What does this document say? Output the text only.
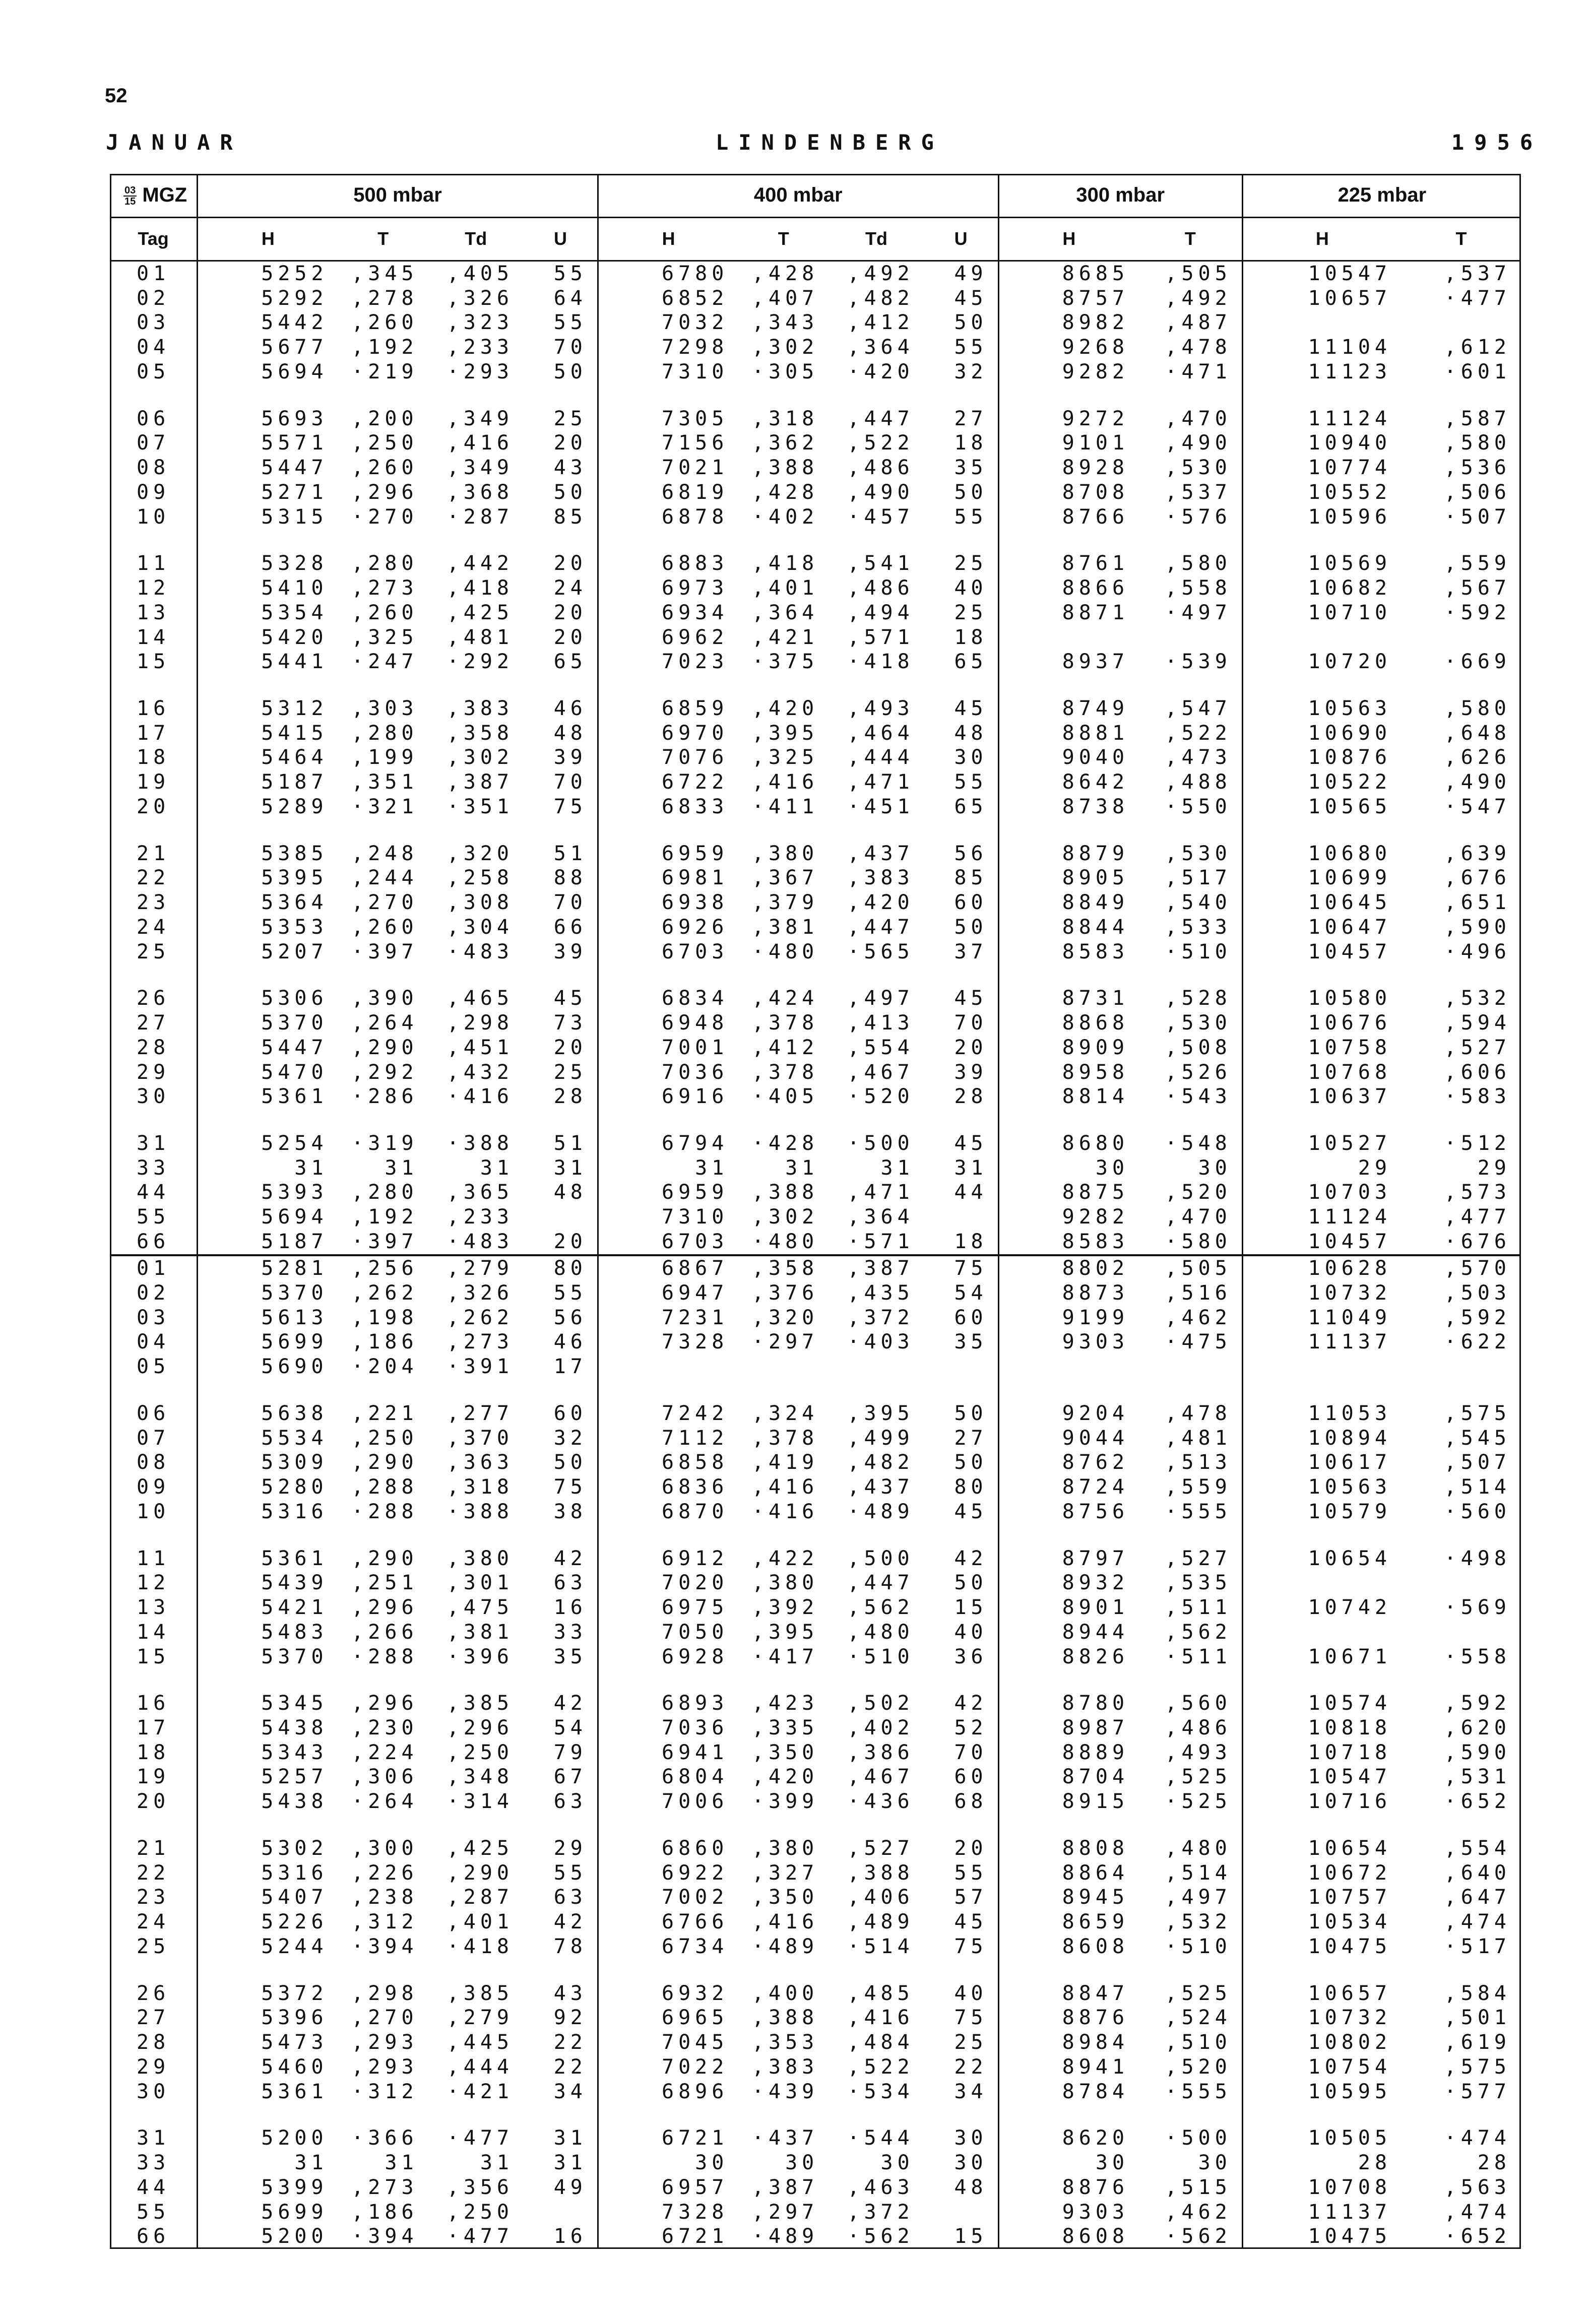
52
JANUAR	LINDENBERG	1956
$\frac{03}{15}$ MGZ	500 mbar				400 mbar				300 mbar		225 mbar	
Tag	H	T	Td	U	H	T	Td	U	H	T	H	T
01	5252	,345	,405	55	6780	,428	,492	49	8685	,505	10547	,537
02	5292	,278	,326	64	6852	,407	,482	45	8757	,492	10657	·477
03	5442	,260	,323	55	7032	,343	,412	50	8982	,487		
04	5677	,192	,233	70	7298	,302	,364	55	9268	,478	11104	,612
05	5694	·219	·293	50	7310	·305	·420	32	9282	·471	11123	·601

06	5693	,200	,349	25	7305	,318	,447	27	9272	,470	11124	,587
07	5571	,250	,416	20	7156	,362	,522	18	9101	,490	10940	,580
08	5447	,260	,349	43	7021	,388	,486	35	8928	,530	10774	,536
09	5271	,296	,368	50	6819	,428	,490	50	8708	,537	10552	,506
10	5315	·270	·287	85	6878	·402	·457	55	8766	·576	10596	·507

11	5328	,280	,442	20	6883	,418	,541	25	8761	,580	10569	,559
12	5410	,273	,418	24	6973	,401	,486	40	8866	,558	10682	,567
13	5354	,260	,425	20	6934	,364	,494	25	8871	·497	10710	·592
14	5420	,325	,481	20	6962	,421	,571	18				
15	5441	·247	·292	65	7023	·375	·418	65	8937	·539	10720	·669

16	5312	,303	,383	46	6859	,420	,493	45	8749	,547	10563	,580
17	5415	,280	,358	48	6970	,395	,464	48	8881	,522	10690	,648
18	5464	,199	,302	39	7076	,325	,444	30	9040	,473	10876	,626
19	5187	,351	,387	70	6722	,416	,471	55	8642	,488	10522	,490
20	5289	·321	·351	75	6833	·411	·451	65	8738	·550	10565	·547

21	5385	,248	,320	51	6959	,380	,437	56	8879	,530	10680	,639
22	5395	,244	,258	88	6981	,367	,383	85	8905	,517	10699	,676
23	5364	,270	,308	70	6938	,379	,420	60	8849	,540	10645	,651
24	5353	,260	,304	66	6926	,381	,447	50	8844	,533	10647	,590
25	5207	·397	·483	39	6703	·480	·565	37	8583	·510	10457	·496

26	5306	,390	,465	45	6834	,424	,497	45	8731	,528	10580	,532
27	5370	,264	,298	73	6948	,378	,413	70	8868	,530	10676	,594
28	5447	,290	,451	20	7001	,412	,554	20	8909	,508	10758	,527
29	5470	,292	,432	25	7036	,378	,467	39	8958	,526	10768	,606
30	5361	·286	·416	28	6916	·405	·520	28	8814	·543	10637	·583

31	5254	·319	·388	51	6794	·428	·500	45	8680	·548	10527	·512
33	31	31	31	31	31	31	31	31	30	30	29	29
44	5393	,280	,365	48	6959	,388	,471	44	8875	,520	10703	,573
55	5694	,192	,233		7310	,302	,364		9282	,470	11124	,477
66	5187	·397	·483	20	6703	·480	·571	18	8583	·580	10457	·676
01	5281	,256	,279	80	6867	,358	,387	75	8802	,505	10628	,570
02	5370	,262	,326	55	6947	,376	,435	54	8873	,516	10732	,503
03	5613	,198	,262	56	7231	,320	,372	60	9199	,462	11049	,592
04	5699	,186	,273	46	7328	·297	·403	35	9303	·475	11137	·622
05	5690	·204	·391	17								

06	5638	,221	,277	60	7242	,324	,395	50	9204	,478	11053	,575
07	5534	,250	,370	32	7112	,378	,499	27	9044	,481	10894	,545
08	5309	,290	,363	50	6858	,419	,482	50	8762	,513	10617	,507
09	5280	,288	,318	75	6836	,416	,437	80	8724	,559	10563	,514
10	5316	·288	·388	38	6870	·416	·489	45	8756	·555	10579	·560

11	5361	,290	,380	42	6912	,422	,500	42	8797	,527	10654	·498
12	5439	,251	,301	63	7020	,380	,447	50	8932	,535		
13	5421	,296	,475	16	6975	,392	,562	15	8901	,511	10742	·569
14	5483	,266	,381	33	7050	,395	,480	40	8944	,562		
15	5370	·288	·396	35	6928	·417	·510	36	8826	·511	10671	·558

16	5345	,296	,385	42	6893	,423	,502	42	8780	,560	10574	,592
17	5438	,230	,296	54	7036	,335	,402	52	8987	,486	10818	,620
18	5343	,224	,250	79	6941	,350	,386	70	8889	,493	10718	,590
19	5257	,306	,348	67	6804	,420	,467	60	8704	,525	10547	,531
20	5438	·264	·314	63	7006	·399	·436	68	8915	·525	10716	·652

21	5302	,300	,425	29	6860	,380	,527	20	8808	,480	10654	,554
22	5316	,226	,290	55	6922	,327	,388	55	8864	,514	10672	,640
23	5407	,238	,287	63	7002	,350	,406	57	8945	,497	10757	,647
24	5226	,312	,401	42	6766	,416	,489	45	8659	,532	10534	,474
25	5244	·394	·418	78	6734	·489	·514	75	8608	·510	10475	·517

26	5372	,298	,385	43	6932	,400	,485	40	8847	,525	10657	,584
27	5396	,270	,279	92	6965	,388	,416	75	8876	,524	10732	,501
28	5473	,293	,445	22	7045	,353	,484	25	8984	,510	10802	,619
29	5460	,293	,444	22	7022	,383	,522	22	8941	,520	10754	,575
30	5361	·312	·421	34	6896	·439	·534	34	8784	·555	10595	·577

31	5200	·366	·477	31	6721	·437	·544	30	8620	·500	10505	·474
33	31	31	31	31	30	30	30	30	30	30	28	28
44	5399	,273	,356	49	6957	,387	,463	48	8876	,515	10708	,563
55	5699	,186	,250		7328	,297	,372		9303	,462	11137	,474
66	5200	·394	·477	16	6721	·489	·562	15	8608	·562	10475	·652
